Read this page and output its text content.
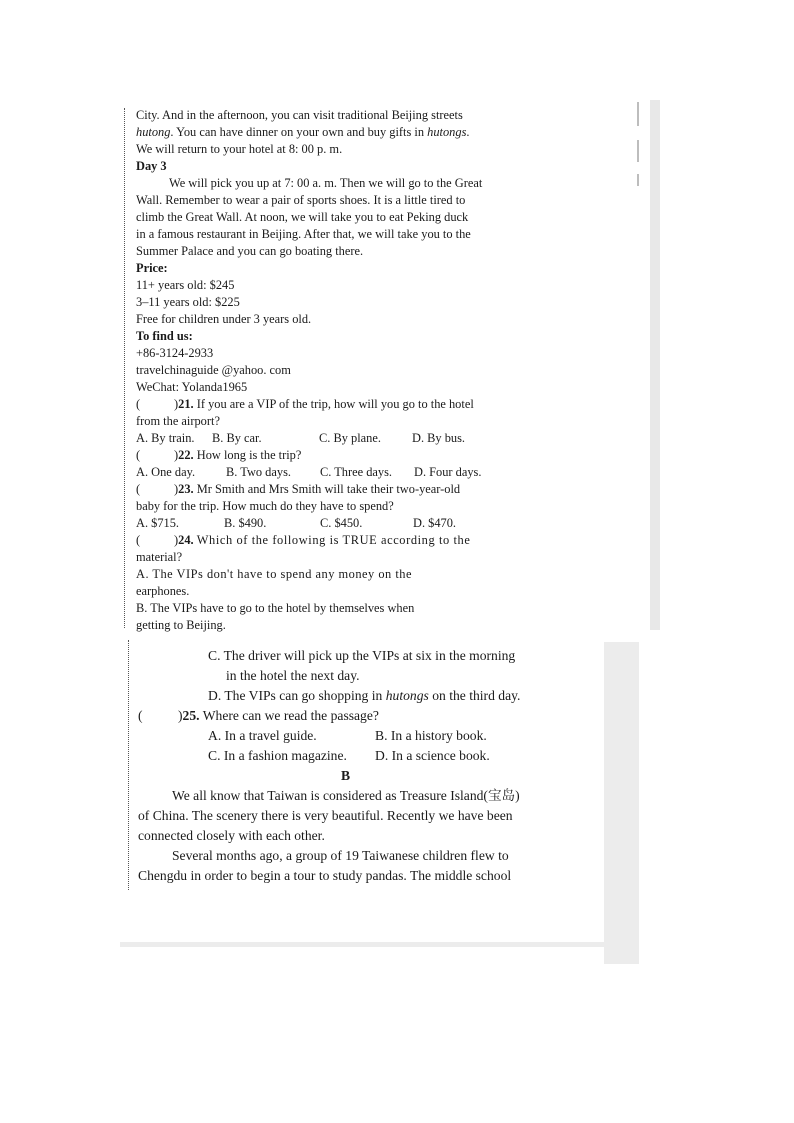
City. And in the afternoon, you can visit traditional Beijing streets

hutong. You can have dinner on your own and buy gifts in hutongs.

We will return to your hotel at 8: 00 p. m.

Day 3

We will pick you up at 7: 00 a. m. Then we will go to the Great

Wall. Remember to wear a pair of sports shoes. It is a little tired to

climb the Great Wall. At noon, we will take you to eat Peking duck

in a famous restaurant in Beijing. After that, we will take you to the

Summer Palace and you can go boating there.

Price:

11+ years old: $245

3–11 years old: $225

Free for children under 3 years old.

To find us:

+86-3124-2933

travelchinaguide @yahoo. com

WeChat: Yolanda1965

(	)21. If you are a VIP of the trip, how will you go to the hotel

from the airport?

A. By train. B. By car.	C. By plane.	D. By bus.

(	)22. How long is the trip?

A. One day. B. Two days. C. Three days. D. Four days.

(	)23. Mr Smith and Mrs Smith will take their two-year-old

baby for the trip. How much do they have to spend?

A. $715.	B. $490.	C. $450.	D. $470.

(	)24. Which of the following is TRUE according to the

material?

A. The VIPs don't have to spend any money on the

earphones.

B. The VIPs have to go to the hotel by themselves when

getting to Beijing.

C. The driver will pick up the VIPs at six in the morning

in the hotel the next day.

D. The VIPs can go shopping in hutongs on the third day.

(	)25. Where can we read the passage?

A. In a travel guide.	B. In a history book.

C. In a fashion magazine. D. In a science book.

B

We all know that Taiwan is considered as Treasure Island(宝岛)

of China. The scenery there is very beautiful. Recently we have been

connected closely with each other.

Several months ago, a group of 19 Taiwanese children flew to

Chengdu in order to begin a tour to study pandas. The middle school
